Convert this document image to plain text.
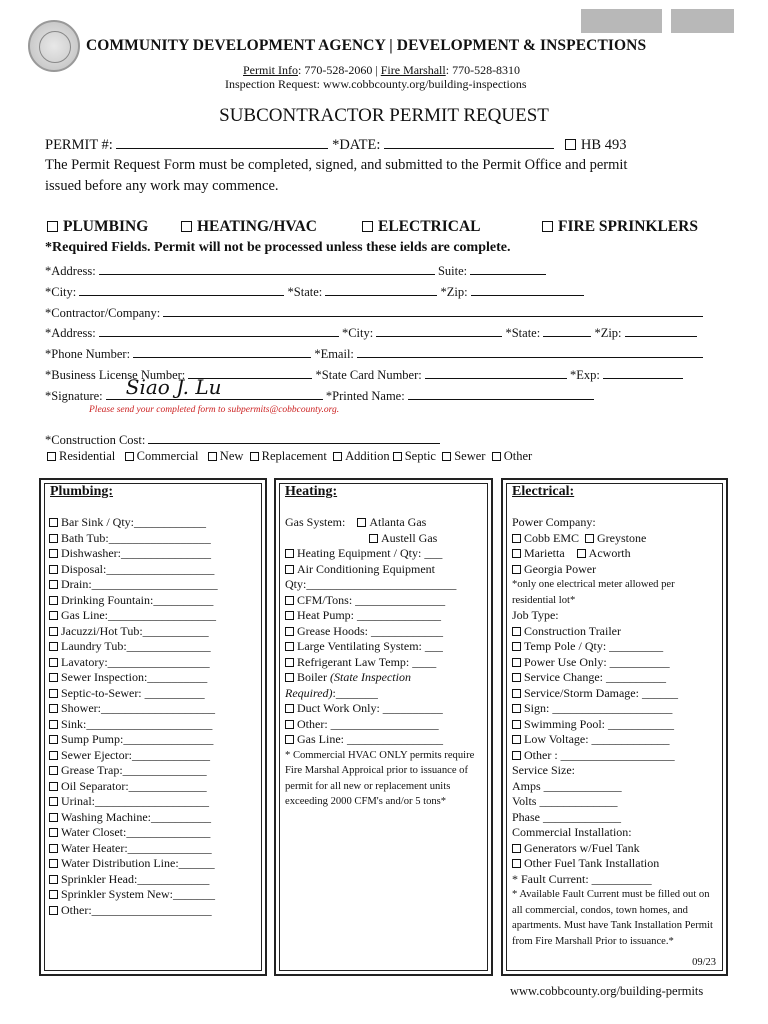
COMMUNITY DEVELOPMENT AGENCY | DEVELOPMENT & INSPECTIONS
Permit Info: 770-528-2060 | Fire Marshall: 770-528-8310
Inspection Request: www.cobbcounty.org/building-inspections
SUBCONTRACTOR PERMIT REQUEST
PERMIT #:	*DATE:	HB 493
The Permit Request Form must be completed, signed, and submitted to the Permit Office and permit
issued before any work may commence.
PLUMBING	HEATING/HVAC	ELECTRICAL	FIRE SPRINKLERS
*Required Fields. Permit will not be processed unless these ields are complete.
*Address:	Suite:
*City:	*State:	*Zip:
*Contractor/Company:
*Address:	*City:	*State:	*Zip:
*Phone Number:	*Email:
*Business License Number:	*State Card Number:	*Exp:
*Signature: Siao J. Lu	*Printed Name:
Please send your completed form to subpermits@cobbcounty.org.
*Construction Cost:
Residential Commercial New Replacement Addition Septic Sewer Other
Plumbing:
Bar Sink / Qty:____________
Bath Tub:_________________
Dishwasher:_______________
Disposal:__________________
Drain:_____________________
Drinking Fountain:__________
Gas Line:__________________
Jacuzzi/Hot Tub:___________
Laundry Tub:______________
Lavatory:_________________
Sewer Inspection:__________
Septic-to-Sewer: __________
Shower:___________________
Sink:_____________________
Sump Pump:_______________
Sewer Ejector:_____________
Grease Trap:______________
Oil Separator:_____________
Urinal:___________________
Washing Machine:__________
Water Closet:______________
Water Heater:______________
Water Distribution Line:______
Sprinkler Head:____________
Sprinkler System New:_______
Other:____________________
Heating:
Gas System: Atlanta Gas
Austell Gas
Heating Equipment / Qty: ___
Air Conditioning Equipment
Qty:_________________________
CFM/Tons: _______________
Heat Pump: ______________
Grease Hoods: ____________
Large Ventilating System: ___
Refrigerant Law Temp: ____
Boiler (State Inspection
Required):_______
Duct Work Only: __________
Other: __________________
Gas Line: ________________
* Commercial HVAC ONLY permits require Fire Marshal Approical prior to issuance of permit for all new or replacement units exceeding 2000 CFM's and/or 5 tons*
Electrical:
Power Company:
Cobb EMC Greystone
Marietta Acworth
Georgia Power
*only one electrical meter allowed per residential lot*
Job Type:
Construction Trailer
Temp Pole / Qty: _________
Power Use Only: __________
Service Change: __________
Service/Storm Damage: ______
Sign: ____________________
Swimming Pool: ___________
Low Voltage: _____________
Other : ___________________
Service Size:
Amps _____________
Volts _____________
Phase _____________
Commercial Installation:
Generators w/Fuel Tank
Other Fuel Tank Installation
* Fault Current: __________
* Available Fault Current must be filled out on all commercial, condos, town homes, and apartments. Must have Tank Installation Permit from Fire Marshall Prior to issuance.*
09/23
www.cobbcounty.org/building-permits
